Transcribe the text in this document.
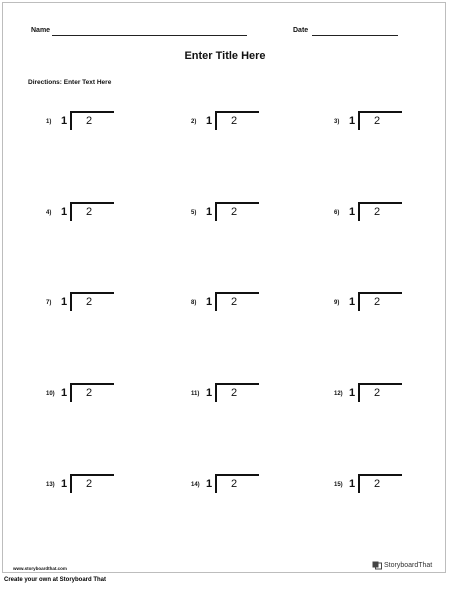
Name	Date
Enter Title Here
Directions: Enter Text Here
1) 1 2	2) 1 2	3) 1 2
4) 1 2	5) 1 2	6) 1 2
7) 1 2	8) 1 2	9) 1 2
10) 1 2	11) 1 2	12) 1 2
13) 1 2	14) 1 2	15) 1 2
www.storyboardthat.com	StoryboardThat
Create your own at Storyboard That
